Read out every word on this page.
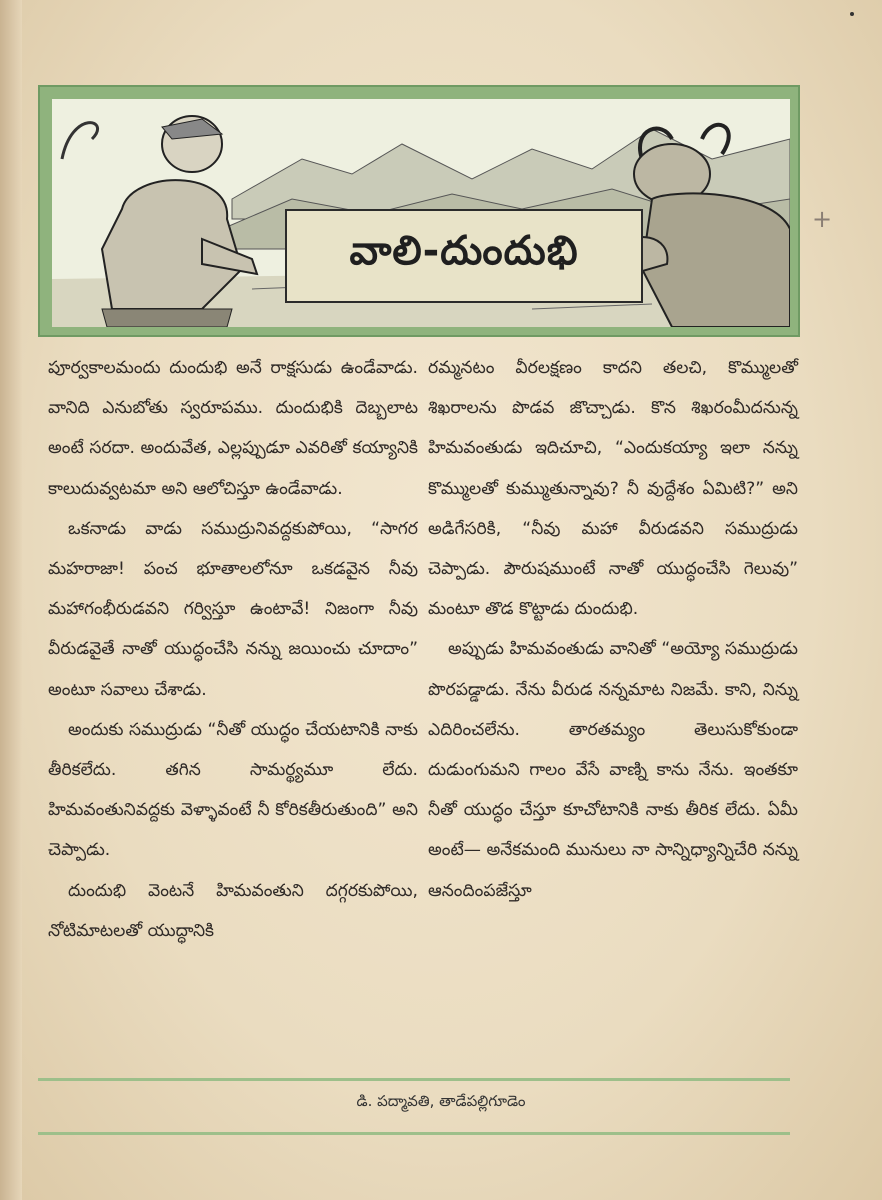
వాలి-దుందుభి

పూర్వకాలమందు దుందుభి అనే రాక్షసుడు ఉండేవాడు. వానిది ఎనుబోతు స్వరూపము. దుందుభికి దెబ్బలాట అంటే సరదా. అందువేత, ఎల్లప్పుడూ ఎవరితో కయ్యానికి కాలుదువ్వటమా అని ఆలోచిస్తూ ఉండేవాడు.

ఒకనాడు వాడు సముద్రునివద్దకుపోయి, “సాగర మహరాజా! పంచ భూతాలలోనూ ఒకడవైన నీవు మహాగంభీరుడవని గర్విస్తూ ఉంటావే! నిజంగా నీవు వీరుడవైతే నాతో యుద్ధంచేసి నన్ను జయించు చూదాం” అంటూ సవాలు చేశాడు.

అందుకు సముద్రుడు “నీతో యుద్ధం చేయటానికి నాకు తీరికలేదు. తగిన సామర్థ్యమూ లేదు. హిమవంతునివద్దకు వెళ్ళావంటే నీ కోరికతీరుతుంది” అని చెప్పాడు.

దుందుభి వెంటనే హిమవంతుని దగ్గరకుపోయి, నోటిమాటలతో యుద్ధానికి

రమ్మనటం వీరలక్షణం కాదని తలచి, కొమ్ములతో శిఖరాలను పొడవ జొచ్చాడు. కొన శిఖరంమీదనున్న హిమవంతుడు ఇదిచూచి, “ఎందుకయ్యా ఇలా నన్ను కొమ్ములతో కుమ్ముతున్నావు? నీ వుద్దేశం ఏమిటి?” అని అడిగేసరికి, “నీవు మహా వీరుడవని సముద్రుడు చెప్పాడు. పౌరుషముంటే నాతో యుద్ధంచేసి గెలువు” మంటూ తొడ కొట్టాడు దుందుభి.

అప్పుడు హిమవంతుడు వానితో “అయ్యో సముద్రుడు పొరపడ్డాడు. నేను వీరుడ నన్నమాట నిజమే. కాని, నిన్ను ఎదిరించలేను. తారతమ్యం తెలుసుకోకుండా దుడుంగుమని గాలం వేసే వాణ్ని కాను నేను. ఇంతకూ నీతో యుద్ధం చేస్తూ కూచోటానికి నాకు తీరిక లేదు. ఏమీ అంటే— అనేకమంది మునులు నా సాన్నిధ్యాన్నిచేరి నన్ను ఆనందింపజేస్తూ

డి. పద్మావతి, తాడేపల్లిగూడెం
+
